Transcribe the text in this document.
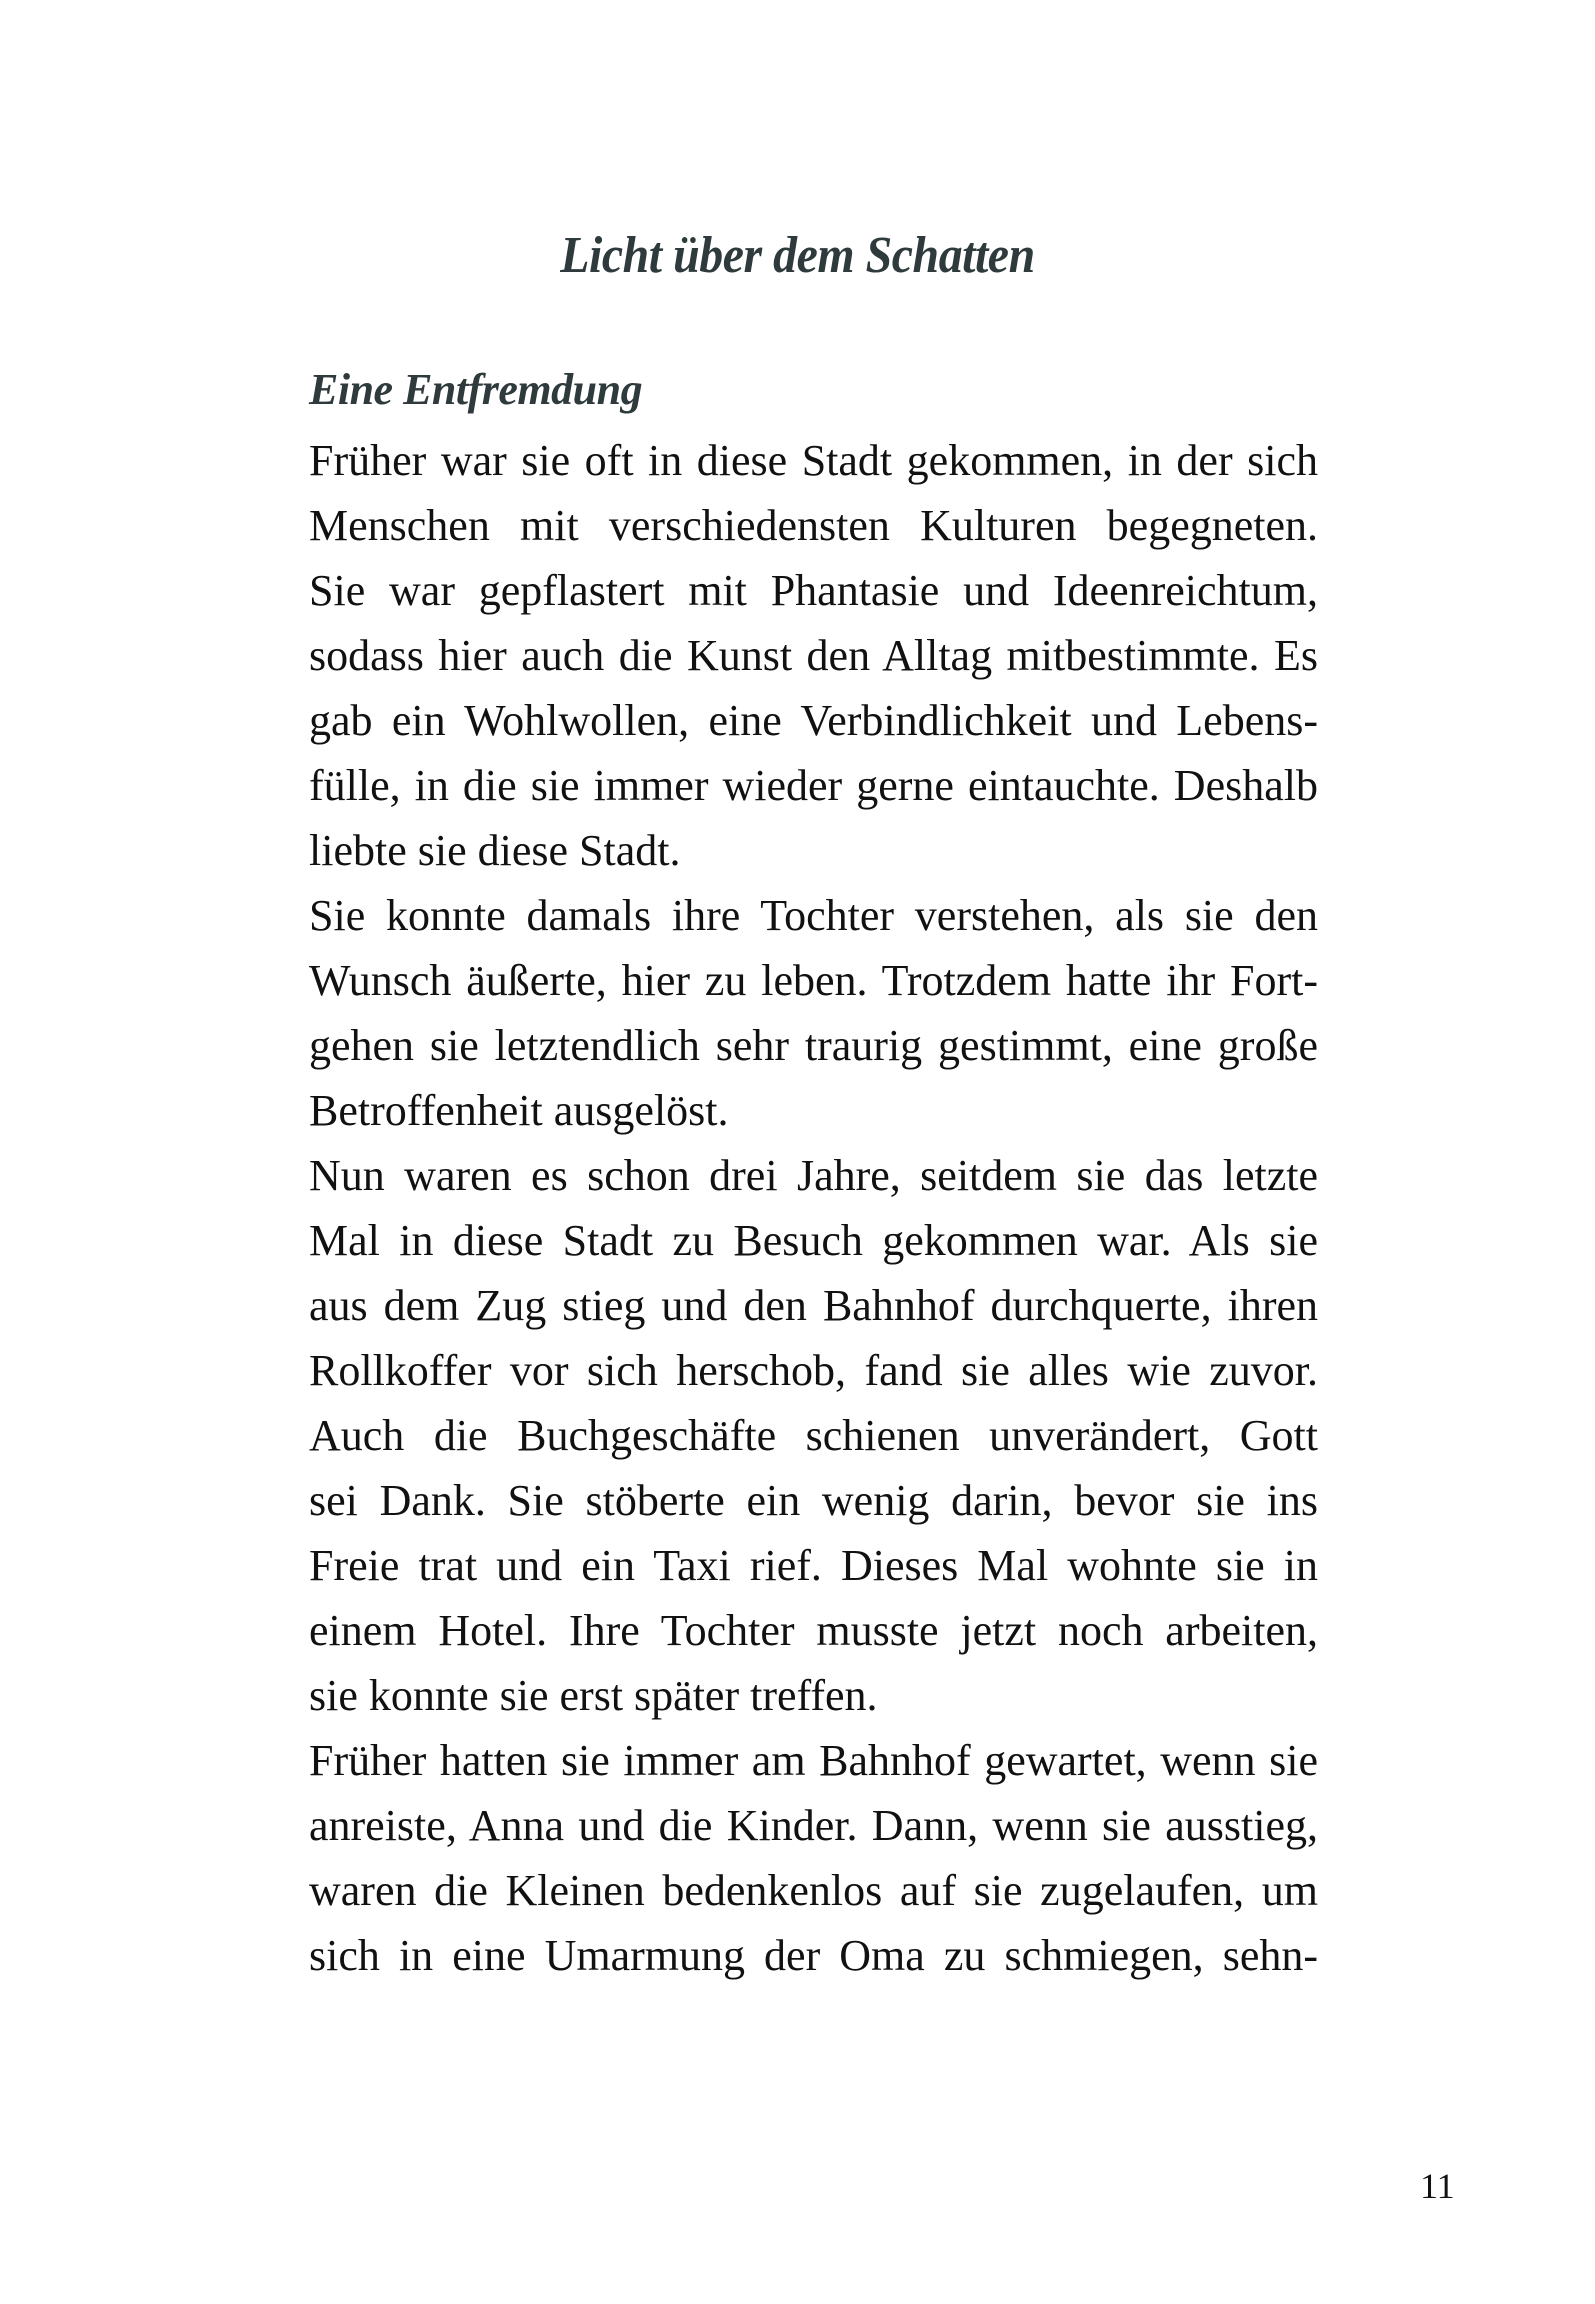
Licht über dem Schatten
Eine Entfremdung
Früher war sie oft in diese Stadt gekommen, in der sich
Menschen mit verschiedensten Kulturen begegneten.
Sie war gepflastert mit Phantasie und Ideenreichtum,
sodass hier auch die Kunst den Alltag mitbestimmte. Es
gab ein Wohlwollen, eine Verbindlichkeit und Lebens-
fülle, in die sie immer wieder gerne eintauchte. Deshalb
liebte sie diese Stadt.
Sie konnte damals ihre Tochter verstehen, als sie den
Wunsch äußerte, hier zu leben. Trotzdem hatte ihr Fort-
gehen sie letztendlich sehr traurig gestimmt, eine große
Betroffenheit ausgelöst.
Nun waren es schon drei Jahre, seitdem sie das letzte
Mal in diese Stadt zu Besuch gekommen war. Als sie
aus dem Zug stieg und den Bahnhof durchquerte, ihren
Rollkoffer vor sich herschob, fand sie alles wie zuvor.
Auch die Buchgeschäfte schienen unverändert, Gott
sei Dank. Sie stöberte ein wenig darin, bevor sie ins
Freie trat und ein Taxi rief. Dieses Mal wohnte sie in
einem Hotel. Ihre Tochter musste jetzt noch arbeiten,
sie konnte sie erst später treffen.
Früher hatten sie immer am Bahnhof gewartet, wenn sie
anreiste, Anna und die Kinder. Dann, wenn sie ausstieg,
waren die Kleinen bedenkenlos auf sie zugelaufen, um
sich in eine Umarmung der Oma zu schmiegen, sehn-
11
